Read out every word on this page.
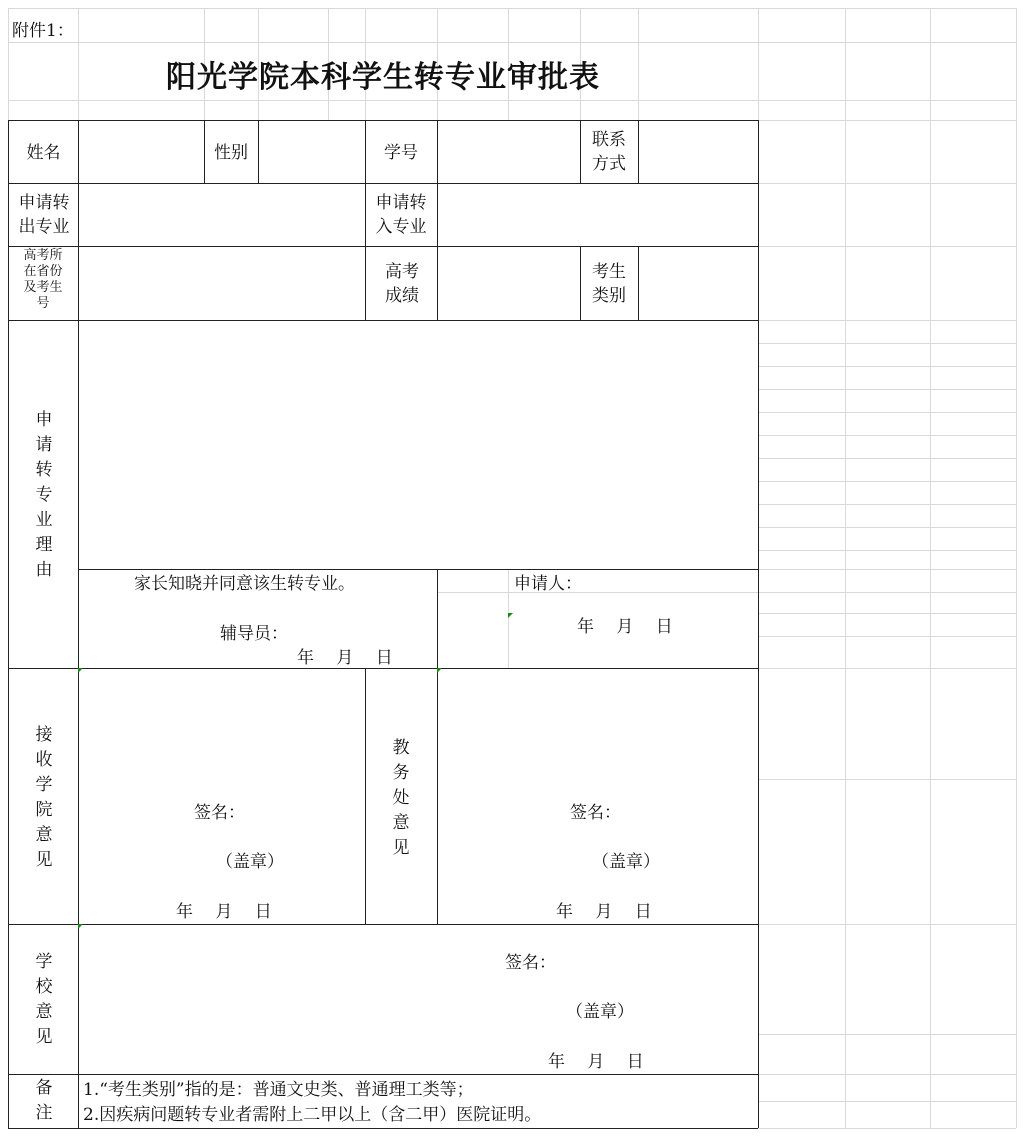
附件1：
阳光学院本科学生转专业审批表
姓名	性别	学号
联系方式
申请转出专业
申请转入专业
高考所在省份及考生号
高考成绩
考生类别
申请转专业理由
家长知晓并同意该生转专业。
辅导员：
年　 月 　日
申请人：
年 　月 　日
接收学院意见
签名：
（盖章）
年　 月　 日
教务处意见
签名：
（盖章）
年 　月 　日
学校意见
签名：
（盖章）
年 　月 　日
备注
1.“考生类别”指的是：普通文史类、普通理工类等；
2.因疾病问题转专业者需附上二甲以上（含二甲）医院证明。
